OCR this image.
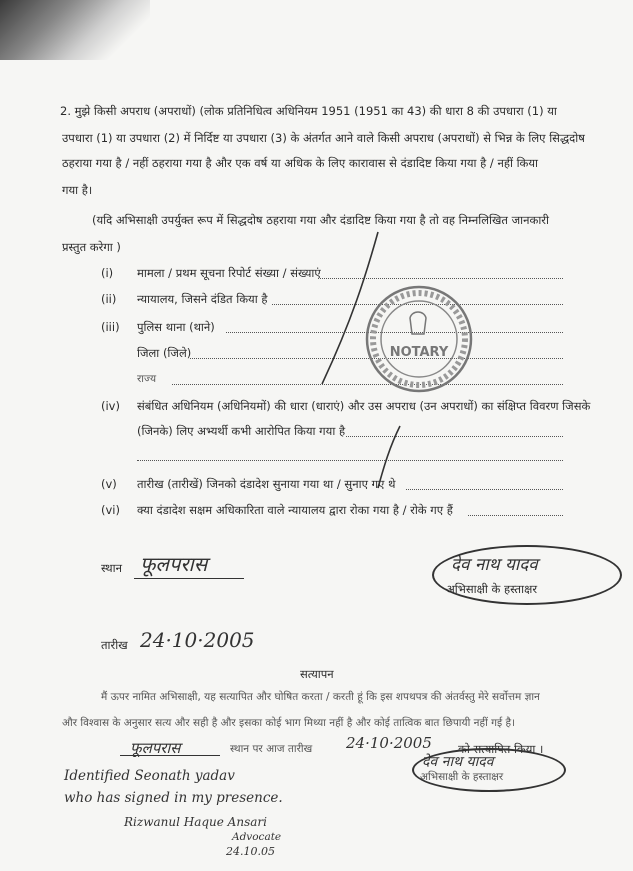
2. मुझे किसी अपराध (अपराधों) (लोक प्रतिनिधित्व अधिनियम 1951 (1951 का 43) की धारा 8 की उपधारा (1) या
उपधारा (1) या उपधारा (2) में निर्दिष्ट या उपधारा (3) के अंतर्गत आने वाले किसी अपराध (अपराधों) से भिन्न के लिए सिद्धदोष
ठहराया गया है / नहीं ठहराया गया है और एक वर्ष या अधिक के लिए कारावास से दंडादिष्ट किया गया है / नहीं किया
गया है।
(यदि अभिसाक्षी उपर्युक्त रूप में सिद्धदोष ठहराया गया और दंडादिष्ट किया गया है तो वह निम्नलिखित जानकारी
प्रस्तुत करेगा )
(i) मामला / प्रथम सूचना रिपोर्ट संख्या / संख्याएं
(ii) न्यायालय, जिसने दंडित किया है
(iii) पुलिस थाना (थाने)
जिला (जिले)
राज्य
(iv) संबंधित अधिनियम (अधिनियमों) की धारा (धाराएं) और उस अपराध (उन अपराधों) का संक्षिप्त विवरण जिसके
(जिनके) लिए अभ्यर्थी कभी आरोपित किया गया है
(v) तारीख (तारीखें) जिनको दंडादेश सुनाया गया था / सुनाए गए थे
(vi) क्या दंडादेश सक्षम अधिकारिता वाले न्यायालय द्वारा रोका गया है / रोके गए हैं
NOTARY
स्थान फूलपरास	देव नाथ यादव
अभिसाक्षी के हस्ताक्षर
तारीख 24·10·2005
सत्यापन
मैं ऊपर नामित अभिसाक्षी, यह सत्यापित और घोषित करता / करती हूं कि इस शपथपत्र की अंतर्वस्तु मेरे सर्वोत्तम ज्ञान
और विश्वास के अनुसार सत्य और सही है और इसका कोई भाग मिथ्या नहीं है और कोई तात्विक बात छिपायी नहीं गई है।
फूलपरास	स्थान पर आज तारीख 24·10·2005 को सत्यापित किया ।
देव नाथ यादव
अभिसाक्षी के हस्ताक्षर
Identified Seonath yadav
who has signed in my presence.
Rizwanul Haque Ansari
Advocate
24.10.05
